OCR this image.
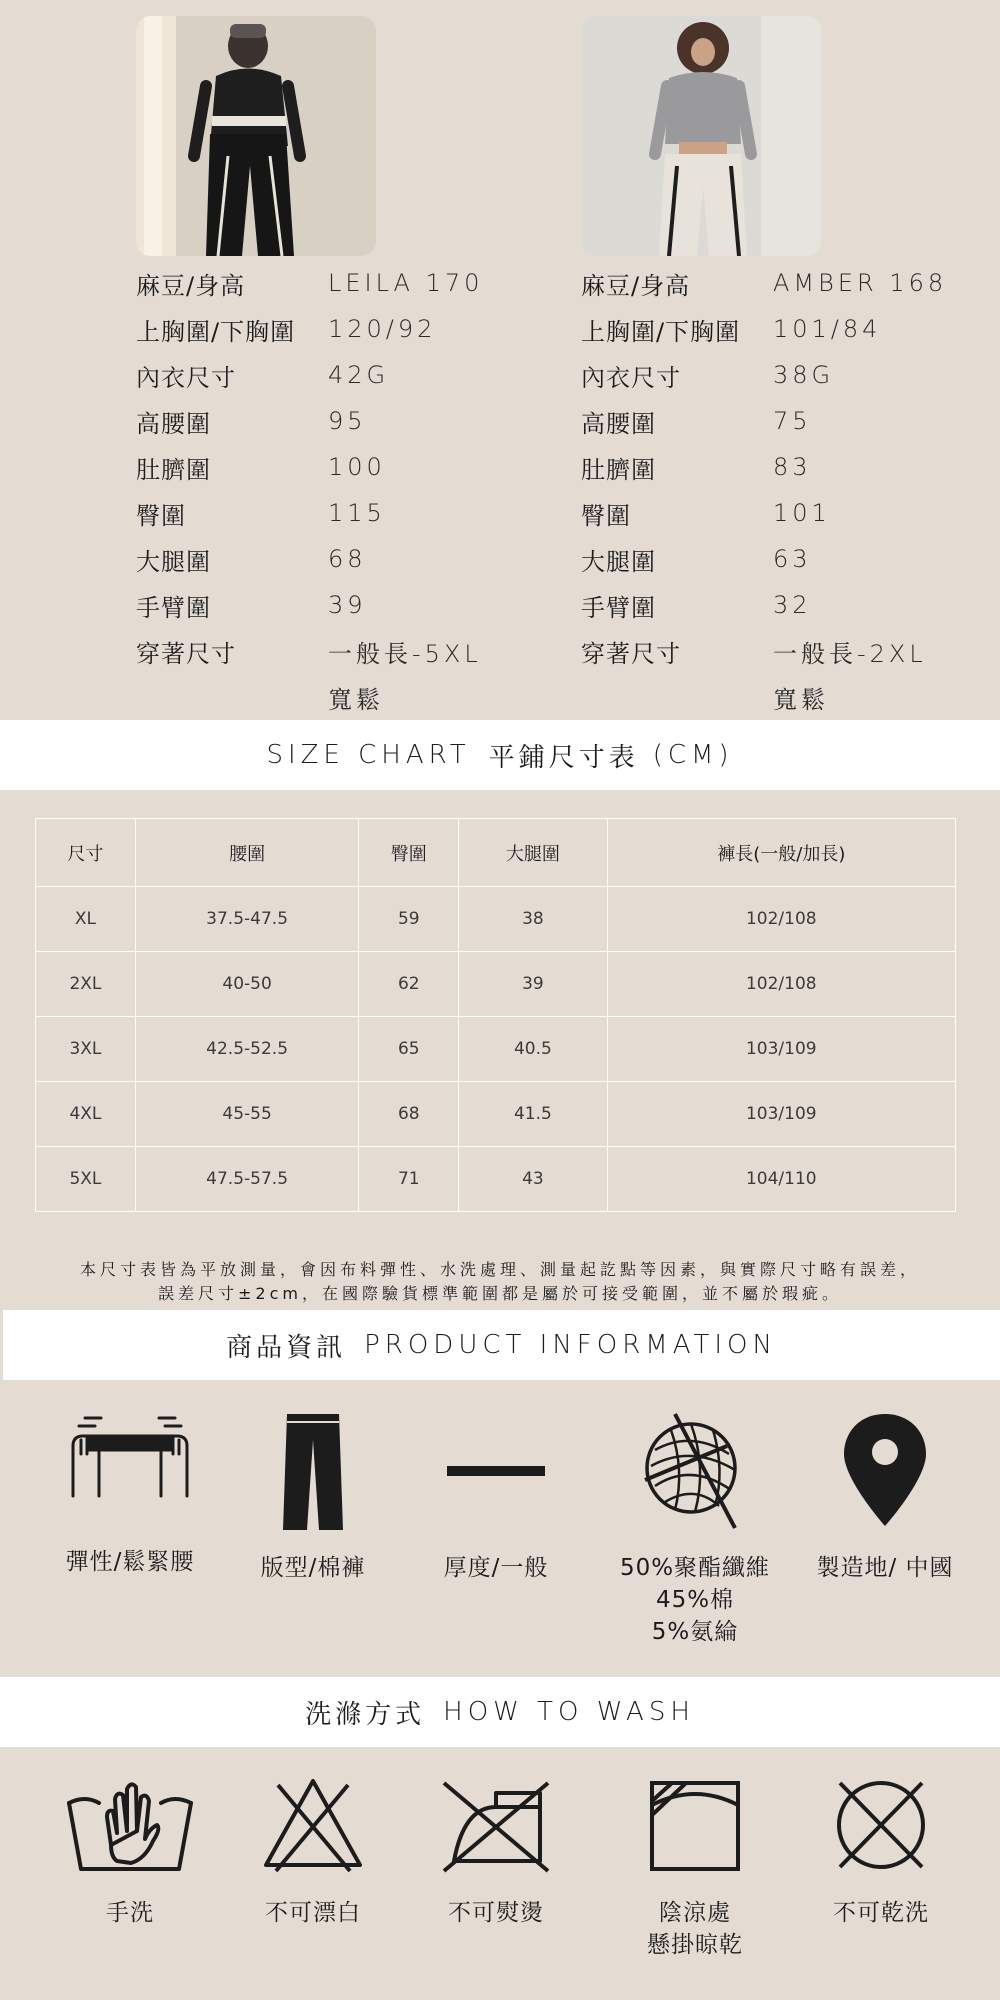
麻豆/身高	LEILA 170
上胸圍/下胸圍	120/92
內衣尺寸	42G
高腰圍	95
肚臍圍	100
臀圍	115
大腿圍	68
手臂圍	39
穿著尺寸	一般長-5XL
寬鬆
麻豆/身高	AMBER 168
上胸圍/下胸圍	101/84
內衣尺寸	38G
高腰圍	75
肚臍圍	83
臀圍	101
大腿圍	63
手臂圍	32
穿著尺寸	一般長-2XL
寬鬆
SIZE CHART 平鋪尺寸表 (CM)
尺寸	腰圍	臀圍	大腿圍	褲長(一般/加長)
XL	37.5-47.5	59	38	102/108
2XL	40-50	62	39	102/108
3XL	42.5-52.5	65	40.5	103/109
4XL	45-55	68	41.5	103/109
5XL	47.5-57.5	71	43	104/110
本尺寸表皆為平放測量，會因布料彈性、水洗處理、測量起訖點等因素，與實際尺寸略有誤差，
誤差尺寸±2cm，在國際驗貨標準範圍都是屬於可接受範圍，並不屬於瑕疵。
商品資訊 PRODUCT INFORMATION
彈性/鬆緊腰	版型/棉褲	厚度/一般	50%聚酯纖維
45%棉
5%氨綸
製造地/ 中國
洗滌方式 HOW TO WASH
手洗	不可漂白	不可熨燙	陰涼處
懸掛晾乾
不可乾洗
